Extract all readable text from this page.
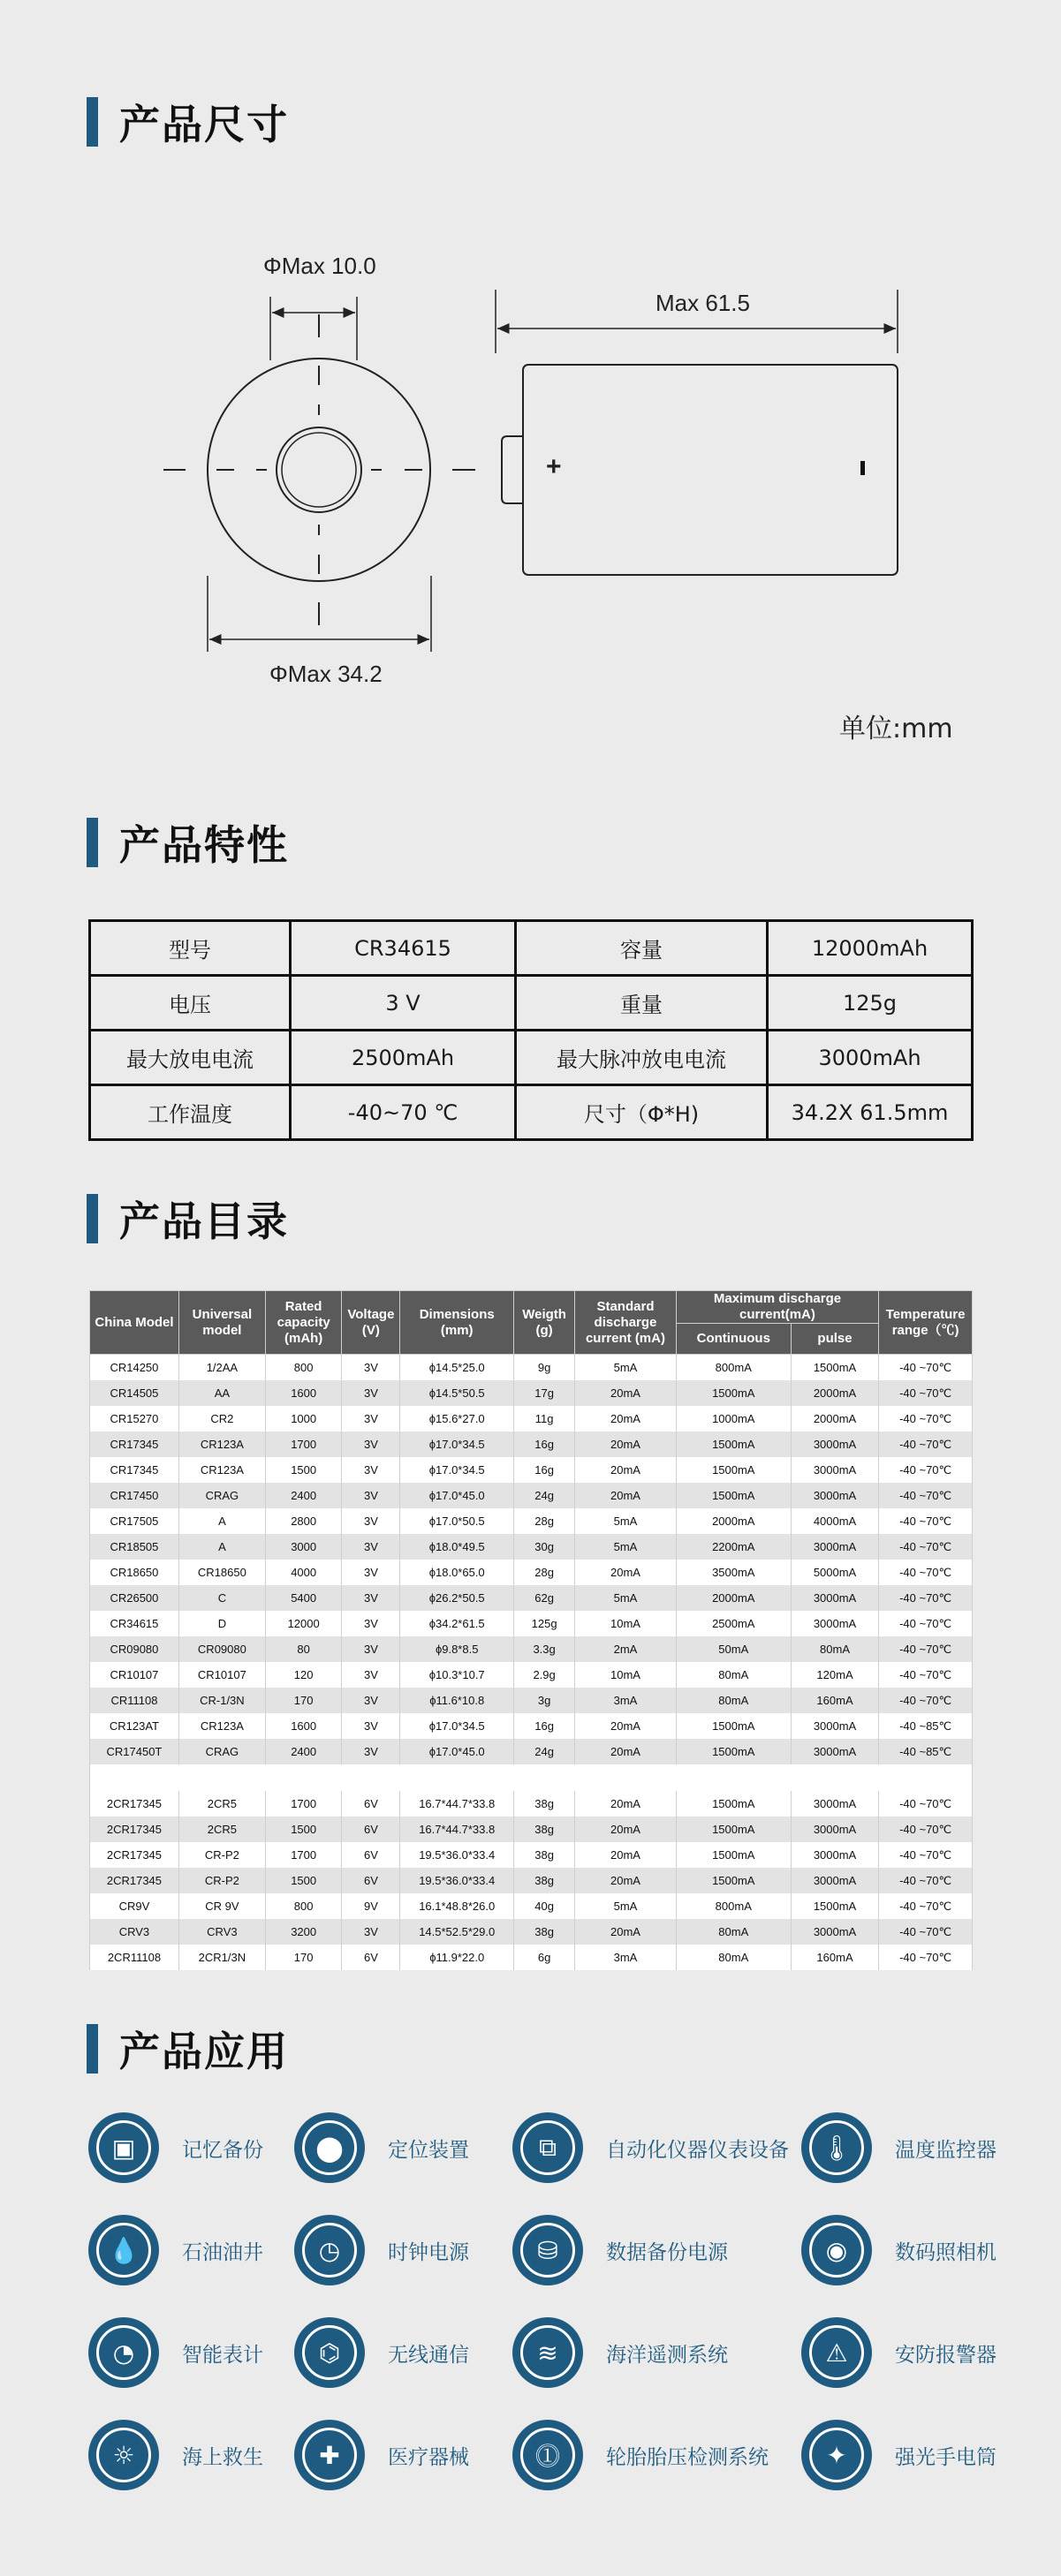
产品尺寸
ΦMax 10.0
ΦMax 34.2
Max 61.5
+
单位:mm
产品特性
型号	CR34615	容量	12000mAh
电压	3 V	重量	125g
最大放电电流	2500mAh	最大脉冲放电电流	3000mAh
工作温度	-40~70 ℃	尺寸（Φ*H)	34.2X 61.5mm
产品目录
China Model	Universal model	Rated capacity (mAh)	Voltage (V)	Dimensions (mm)	Weigth (g)	Standard discharge current (mA)	Maximum discharge current(mA)		Temperature range（℃)
							Continuous	pulse	
CR14250	1/2AA	800	3V	ϕ14.5*25.0	9g	5mA	800mA	1500mA	-40 ~70℃
CR14505	AA	1600	3V	ϕ14.5*50.5	17g	20mA	1500mA	2000mA	-40 ~70℃
CR15270	CR2	1000	3V	ϕ15.6*27.0	11g	20mA	1000mA	2000mA	-40 ~70℃
CR17345	CR123A	1700	3V	ϕ17.0*34.5	16g	20mA	1500mA	3000mA	-40 ~70℃
CR17345	CR123A	1500	3V	ϕ17.0*34.5	16g	20mA	1500mA	3000mA	-40 ~70℃
CR17450	CRAG	2400	3V	ϕ17.0*45.0	24g	20mA	1500mA	3000mA	-40 ~70℃
CR17505	A	2800	3V	ϕ17.0*50.5	28g	5mA	2000mA	4000mA	-40 ~70℃
CR18505	A	3000	3V	ϕ18.0*49.5	30g	5mA	2200mA	3000mA	-40 ~70℃
CR18650	CR18650	4000	3V	ϕ18.0*65.0	28g	20mA	3500mA	5000mA	-40 ~70℃
CR26500	C	5400	3V	ϕ26.2*50.5	62g	5mA	2000mA	3000mA	-40 ~70℃
CR34615	D	12000	3V	ϕ34.2*61.5	125g	10mA	2500mA	3000mA	-40 ~70℃
CR09080	CR09080	80	3V	ϕ9.8*8.5	3.3g	2mA	50mA	80mA	-40 ~70℃
CR10107	CR10107	120	3V	ϕ10.3*10.7	2.9g	10mA	80mA	120mA	-40 ~70℃
CR11108	CR-1/3N	170	3V	ϕ11.6*10.8	3g	3mA	80mA	160mA	-40 ~70℃
CR123AT	CR123A	1600	3V	ϕ17.0*34.5	16g	20mA	1500mA	3000mA	-40 ~85℃
CR17450T	CRAG	2400	3V	ϕ17.0*45.0	24g	20mA	1500mA	3000mA	-40 ~85℃

2CR17345	2CR5	1700	6V	16.7*44.7*33.8	38g	20mA	1500mA	3000mA	-40 ~70℃
2CR17345	2CR5	1500	6V	16.7*44.7*33.8	38g	20mA	1500mA	3000mA	-40 ~70℃
2CR17345	CR-P2	1700	6V	19.5*36.0*33.4	38g	20mA	1500mA	3000mA	-40 ~70℃
2CR17345	CR-P2	1500	6V	19.5*36.0*33.4	38g	20mA	1500mA	3000mA	-40 ~70℃
CR9V	CR 9V	800	9V	16.1*48.8*26.0	40g	5mA	800mA	1500mA	-40 ~70℃
CRV3	CRV3	3200	3V	14.5*52.5*29.0	38g	20mA	80mA	3000mA	-40 ~70℃
2CR11108	2CR1/3N	170	6V	ϕ11.9*22.0	6g	3mA	80mA	160mA	-40 ~70℃
产品应用
▣	记忆备份	⬤	定位装置	⧉	自动化仪器仪表设备	🌡	温度监控器
💧	石油油井	◷	时钟电源	⛁	数据备份电源	◉	数码照相机
◔	智能表计	⌬	无线通信	≋	海洋遥测系统	⚠	安防报警器
☼	海上救生	✚	医疗器械	⓵	轮胎胎压检测系统	✦	强光手电筒
